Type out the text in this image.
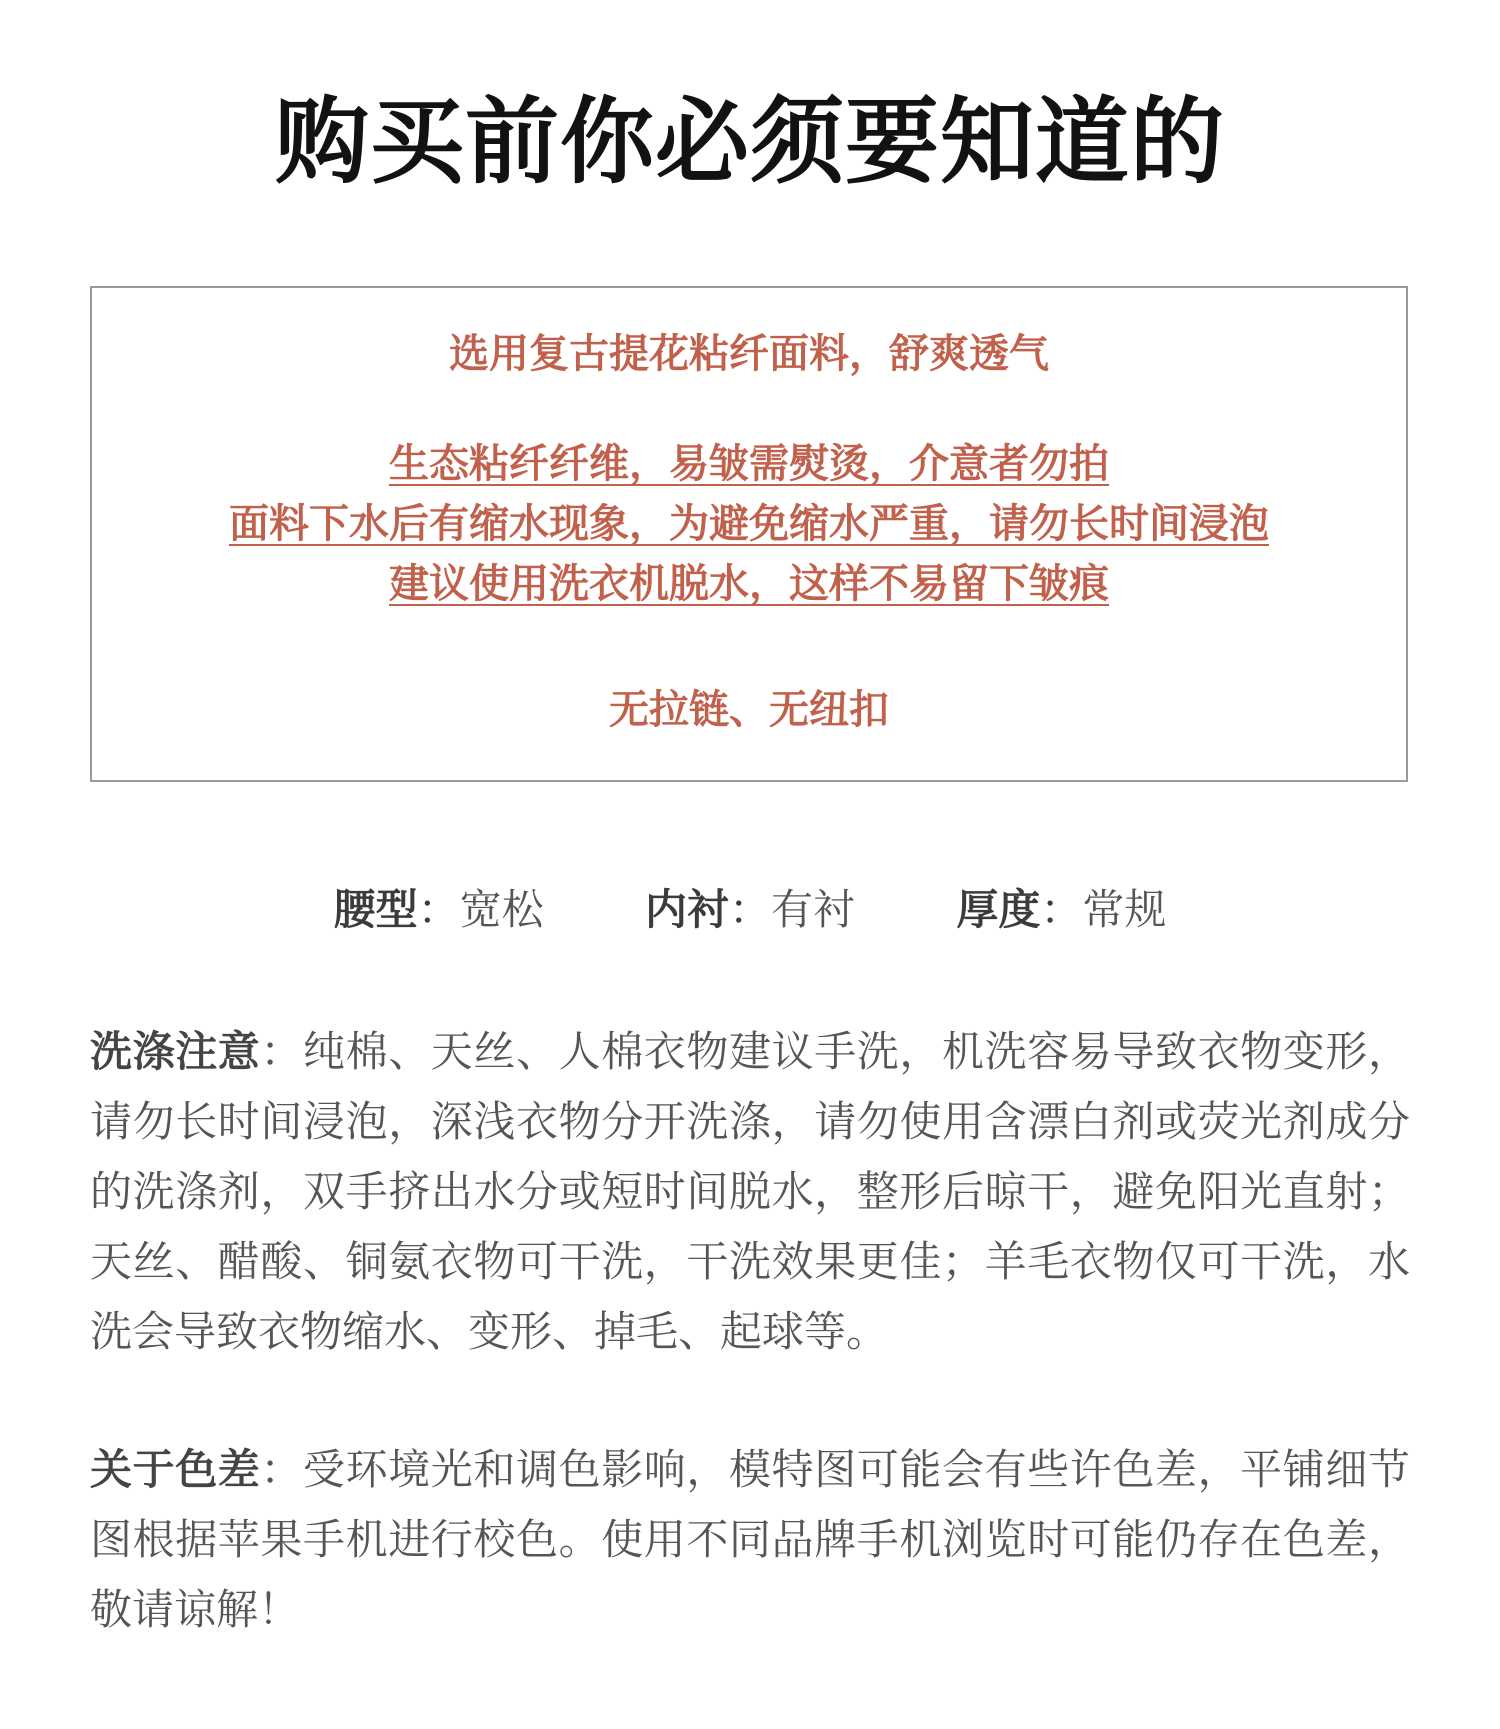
购买前你必须要知道的
选用复古提花粘纤面料，舒爽透气
生态粘纤纤维，易皱需熨烫，介意者勿拍
面料下水后有缩水现象，为避免缩水严重，请勿长时间浸泡
建议使用洗衣机脱水，这样不易留下皱痕
无拉链、无纽扣
腰型：宽松 内衬：有衬 厚度：常规
洗涤注意：纯棉、天丝、人棉衣物建议手洗，机洗容易导致衣物变形，请勿长时间浸泡，深浅衣物分开洗涤，请勿使用含漂白剂或荧光剂成分的洗涤剂，双手挤出水分或短时间脱水，整形后晾干，避免阳光直射；天丝、醋酸、铜氨衣物可干洗，干洗效果更佳；羊毛衣物仅可干洗，水洗会导致衣物缩水、变形、掉毛、起球等。
关于色差：受环境光和调色影响，模特图可能会有些许色差，平铺细节图根据苹果手机进行校色。使用不同品牌手机浏览时可能仍存在色差，敬请谅解！
